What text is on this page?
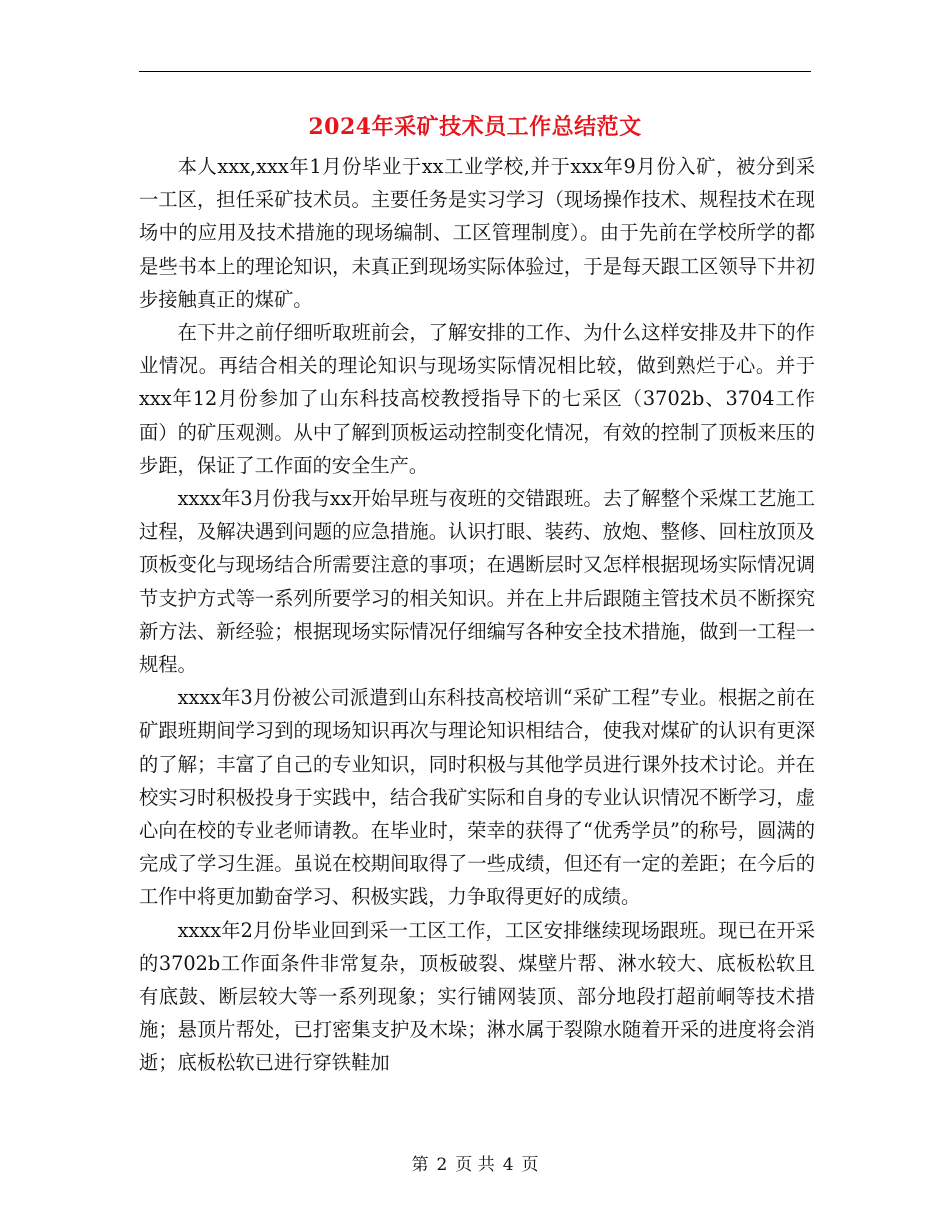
2024年采矿技术员工作总结范文

本人xxx,xxx年1月份毕业于xx工业学校,并于xxx年9月份入矿，被分到采一工区，担任采矿技术员。主要任务是实习学习（现场操作技术、规程技术在现场中的应用及技术措施的现场编制、工区管理制度）。由于先前在学校所学的都是些书本上的理论知识，未真正到现场实际体验过，于是每天跟工区领导下井初步接触真正的煤矿。

在下井之前仔细听取班前会，了解安排的工作、为什么这样安排及井下的作业情况。再结合相关的理论知识与现场实际情况相比较，做到熟烂于心。并于xxx年12月份参加了山东科技高校教授指导下的七采区（3702b、3704工作面）的矿压观测。从中了解到顶板运动控制变化情况，有效的控制了顶板来压的步距，保证了工作面的安全生产。

xxxx年3月份我与xx开始早班与夜班的交错跟班。去了解整个采煤工艺施工过程，及解决遇到问题的应急措施。认识打眼、装药、放炮、整修、回柱放顶及顶板变化与现场结合所需要注意的事项；在遇断层时又怎样根据现场实际情况调节支护方式等一系列所要学习的相关知识。并在上井后跟随主管技术员不断探究新方法、新经验；根据现场实际情况仔细编写各种安全技术措施，做到一工程一规程。

xxxx年3月份被公司派遣到山东科技高校培训“采矿工程”专业。根据之前在矿跟班期间学习到的现场知识再次与理论知识相结合，使我对煤矿的认识有更深的了解；丰富了自己的专业知识，同时积极与其他学员进行课外技术讨论。并在校实习时积极投身于实践中，结合我矿实际和自身的专业认识情况不断学习，虚心向在校的专业老师请教。在毕业时，荣幸的获得了“优秀学员”的称号，圆满的完成了学习生涯。虽说在校期间取得了一些成绩，但还有一定的差距；在今后的工作中将更加勤奋学习、积极实践，力争取得更好的成绩。

xxxx年2月份毕业回到采一工区工作，工区安排继续现场跟班。现已在开采的3702b工作面条件非常复杂，顶板破裂、煤壁片帮、淋水较大、底板松软且有底鼓、断层较大等一系列现象；实行铺网装顶、部分地段打超前峒等技术措施；悬顶片帮处，已打密集支护及木垛；淋水属于裂隙水随着开采的进度将会消逝；底板松软已进行穿铁鞋加

第 2 页 共 4 页
